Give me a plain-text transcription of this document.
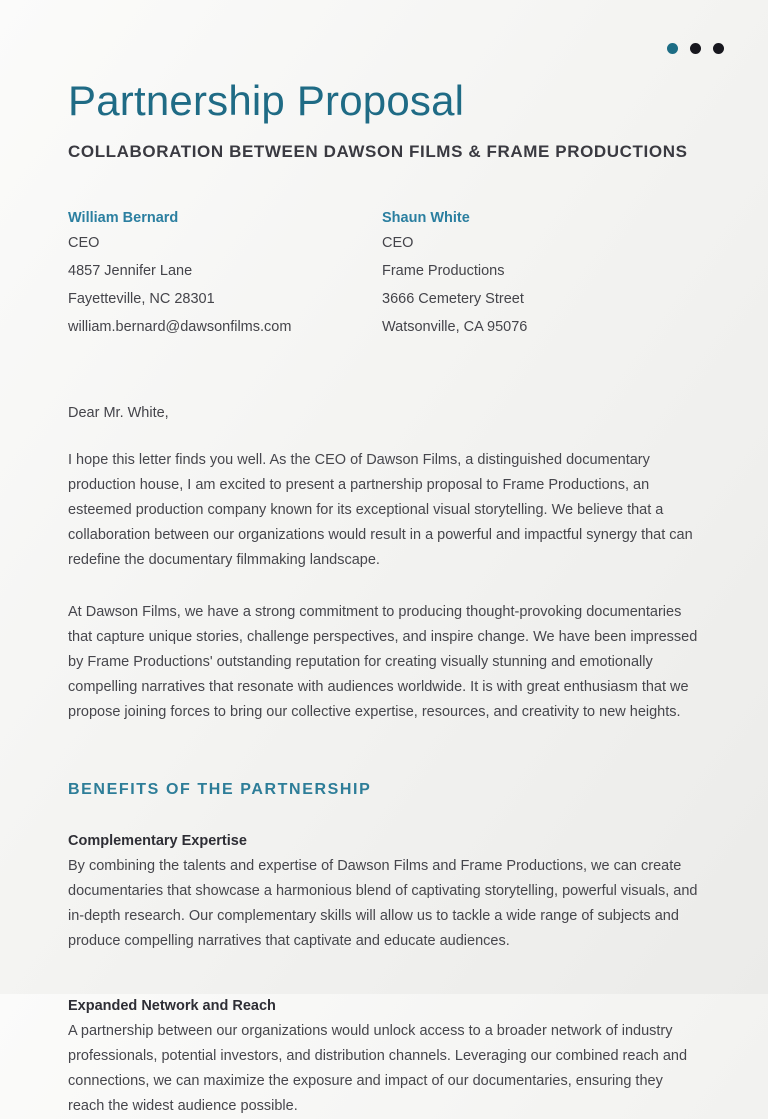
Partnership Proposal
COLLABORATION BETWEEN DAWSON FILMS & FRAME PRODUCTIONS
William Bernard
CEO
4857 Jennifer Lane
Fayetteville, NC 28301
william.bernard@dawsonfilms.com
Shaun White
CEO
Frame Productions
3666 Cemetery Street
Watsonville, CA 95076
Dear Mr. White,

I hope this letter finds you well. As the CEO of Dawson Films, a distinguished documentary production house, I am excited to present a partnership proposal to Frame Productions, an esteemed production company known for its exceptional visual storytelling. We believe that a collaboration between our organizations would result in a powerful and impactful synergy that can redefine the documentary filmmaking landscape.

At Dawson Films, we have a strong commitment to producing thought-provoking documentaries that capture unique stories, challenge perspectives, and inspire change. We have been impressed by Frame Productions' outstanding reputation for creating visually stunning and emotionally compelling narratives that resonate with audiences worldwide. It is with great enthusiasm that we propose joining forces to bring our collective expertise, resources, and creativity to new heights.

BENEFITS OF THE PARTNERSHIP
Complementary Expertise
By combining the talents and expertise of Dawson Films and Frame Productions, we can create documentaries that showcase a harmonious blend of captivating storytelling, powerful visuals, and in-depth research. Our complementary skills will allow us to tackle a wide range of subjects and produce compelling narratives that captivate and educate audiences.
Expanded Network and Reach
A partnership between our organizations would unlock access to a broader network of industry professionals, potential investors, and distribution channels. Leveraging our combined reach and connections, we can maximize the exposure and impact of our documentaries, ensuring they reach the widest audience possible.
